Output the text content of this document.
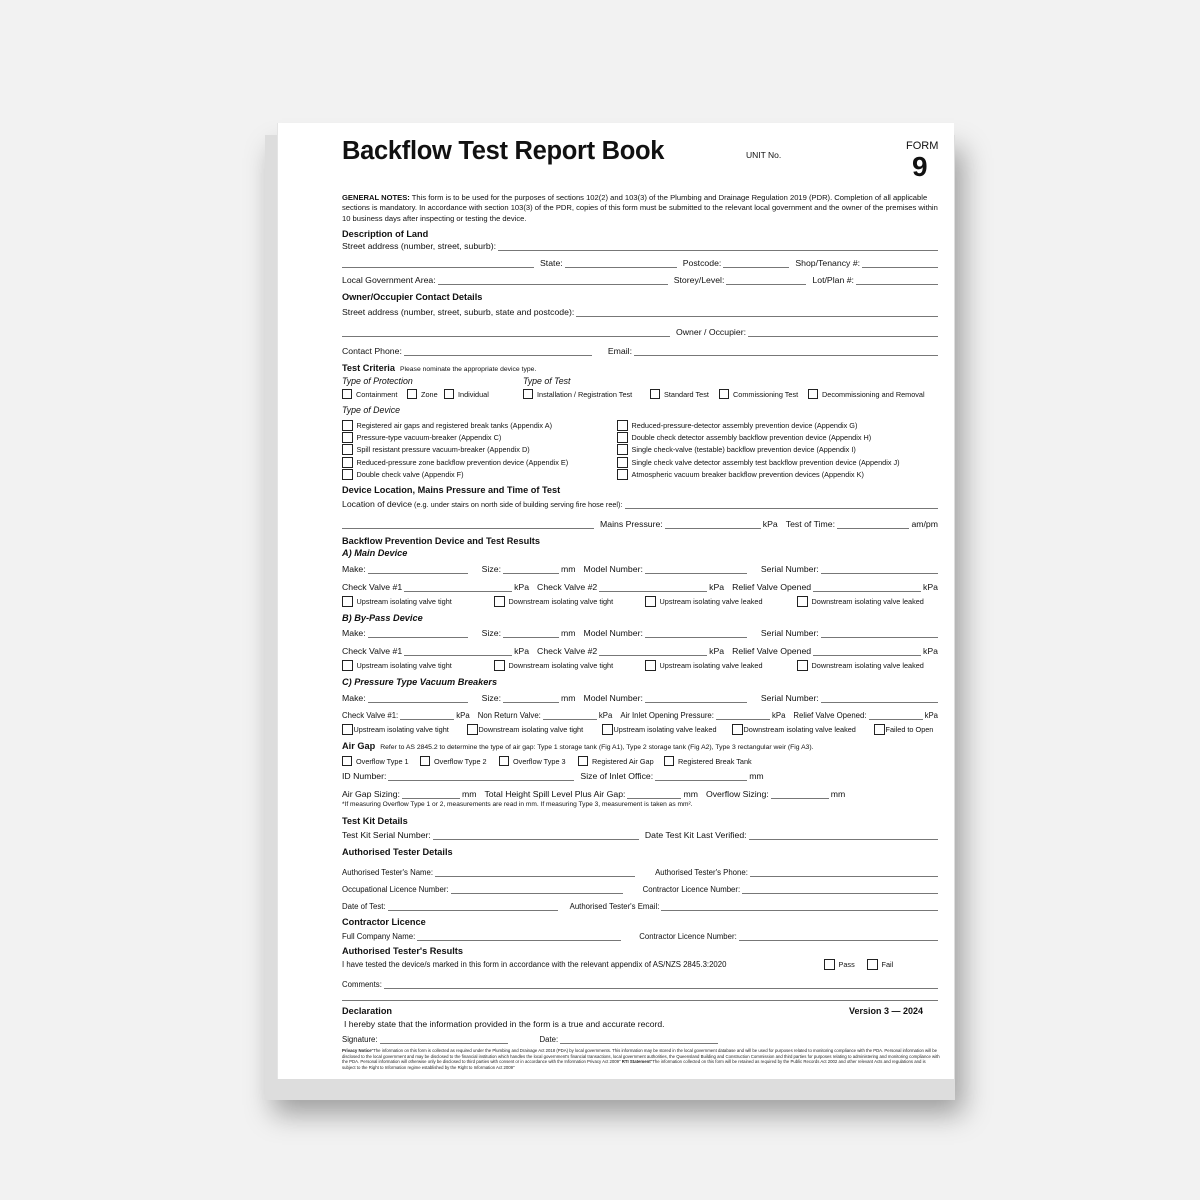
Backflow Test Report Book	UNIT No.
FORM
9
GENERAL NOTES: This form is to be used for the purposes of sections 102(2) and 103(3) of the Plumbing and Drainage Regulation 2019 (PDR). Completion of all applicable sections is mandatory. In accordance with section 103(3) of the PDR, copies of this form must be submitted to the relevant local government and the owner of the premises within 10 business days after inspecting or testing the device.
Description of Land
Street address (number, street, suburb):
State:	Postcode:	Shop/Tenancy #:
Local Government Area:	Storey/Level:	Lot/Plan #:
Owner/Occupier Contact Details
Street address (number, street, suburb, state and postcode):
Owner / Occupier:
Contact Phone:	Email:
Test Criteria Please nominate the appropriate device type.
Type of Protection	Type of Test
Containment	Zone	Individual	Installation / Registration Test	Standard Test	Commissioning Test	Decommissioning and Removal
Type of Device
Registered air gaps and registered break tanks (Appendix A)
Pressure-type vacuum-breaker (Appendix C)
Spill resistant pressure vacuum-breaker (Appendix D)
Reduced-pressure zone backflow prevention device (Appendix E)
Double check valve (Appendix F)
Reduced-pressure-detector assembly prevention device (Appendix G)
Double check detector assembly backflow prevention device (Appendix H)
Single check-valve (testable) backflow prevention device (Appendix I)
Single check valve detector assembly test backflow prevention device (Appendix J)
Atmospheric vacuum breaker backflow prevention devices (Appendix K)
Device Location, Mains Pressure and Time of Test
Location of device (e.g. under stairs on north side of building serving fire hose reel):
Mains Pressure:	kPa Test of Time:	am/pm
Backflow Prevention Device and Test Results
A) Main Device
Make:	Size:	mm Model Number:	Serial Number:
Check Valve #1	kPa Check Valve #2	kPa Relief Valve Opened	kPa
Upstream isolating valve tight	Downstream isolating valve tight	Upstream isolating valve leaked	Downstream isolating valve leaked
B) By-Pass Device
Make:	Size:	mm Model Number:	Serial Number:
Check Valve #1	kPa Check Valve #2	kPa Relief Valve Opened	kPa
Upstream isolating valve tight	Downstream isolating valve tight	Upstream isolating valve leaked	Downstream isolating valve leaked
C) Pressure Type Vacuum Breakers
Make:	Size:	mm Model Number:	Serial Number:
Check Valve #1:	kPa Non Return Valve:	kPa Air Inlet Opening Pressure:	kPa Relief Valve Opened:	kPa
Upstream isolating valve tight	Downstream isolating valve tight	Upstream isolating valve leaked	Downstream isolating valve leaked	Failed to Open
Air Gap Refer to AS 2845.2 to determine the type of air gap: Type 1 storage tank (Fig A1), Type 2 storage tank (Fig A2), Type 3 rectangular weir (Fig A3).
Overflow Type 1	Overflow Type 2	Overflow Type 3	Registered Air Gap	Registered Break Tank
ID Number:	Size of Inlet Office:	mm
Air Gap Sizing:	mm Total Height Spill Level Plus Air Gap:	mm Overflow Sizing:	mm
*If measuring Overflow Type 1 or 2, measurements are read in mm. If measuring Type 3, measurement is taken as mm².
Test Kit Details
Test Kit Serial Number:	Date Test Kit Last Verified:
Authorised Tester Details
Authorised Tester's Name:	Authorised Tester's Phone:
Occupational Licence Number:	Contractor Licence Number:
Date of Test:	Authorised Tester's Email:
Contractor Licence
Full Company Name:	Contractor Licence Number:
Authorised Tester's Results
I have tested the device/s marked in this form in accordance with the relevant appendix of AS/NZS 2845.3:2020	Pass	Fail
Comments:
Declaration	Version 3 — 2024
I hereby state that the information provided in the form is a true and accurate record.
Signature:	Date:
Privacy Notice"The information on this form is collected as required under the Plumbing and Drainage Act 2018 (PDA) by local governments. This information may be stored in the local government database and will be used for purposes related to monitoring compliance with the PDA. Personal information will be disclosed to the local government and may be disclosed to the financial institution which handles the local government's financial transactions, local government authorities, the Queensland Building and Construction Commission and third parties for purposes relating to administering and monitoring compliance with the PDA. Personal information will otherwise only be disclosed to third parties with consent or in accordance with the Information Privacy Act 2009" RTI Statement"The information collected on this form will be retained as required by the Public Records Act 2002 and other relevant Acts and regulations and is subject to the Right to Information regime established by the Right to Information Act 2009"
